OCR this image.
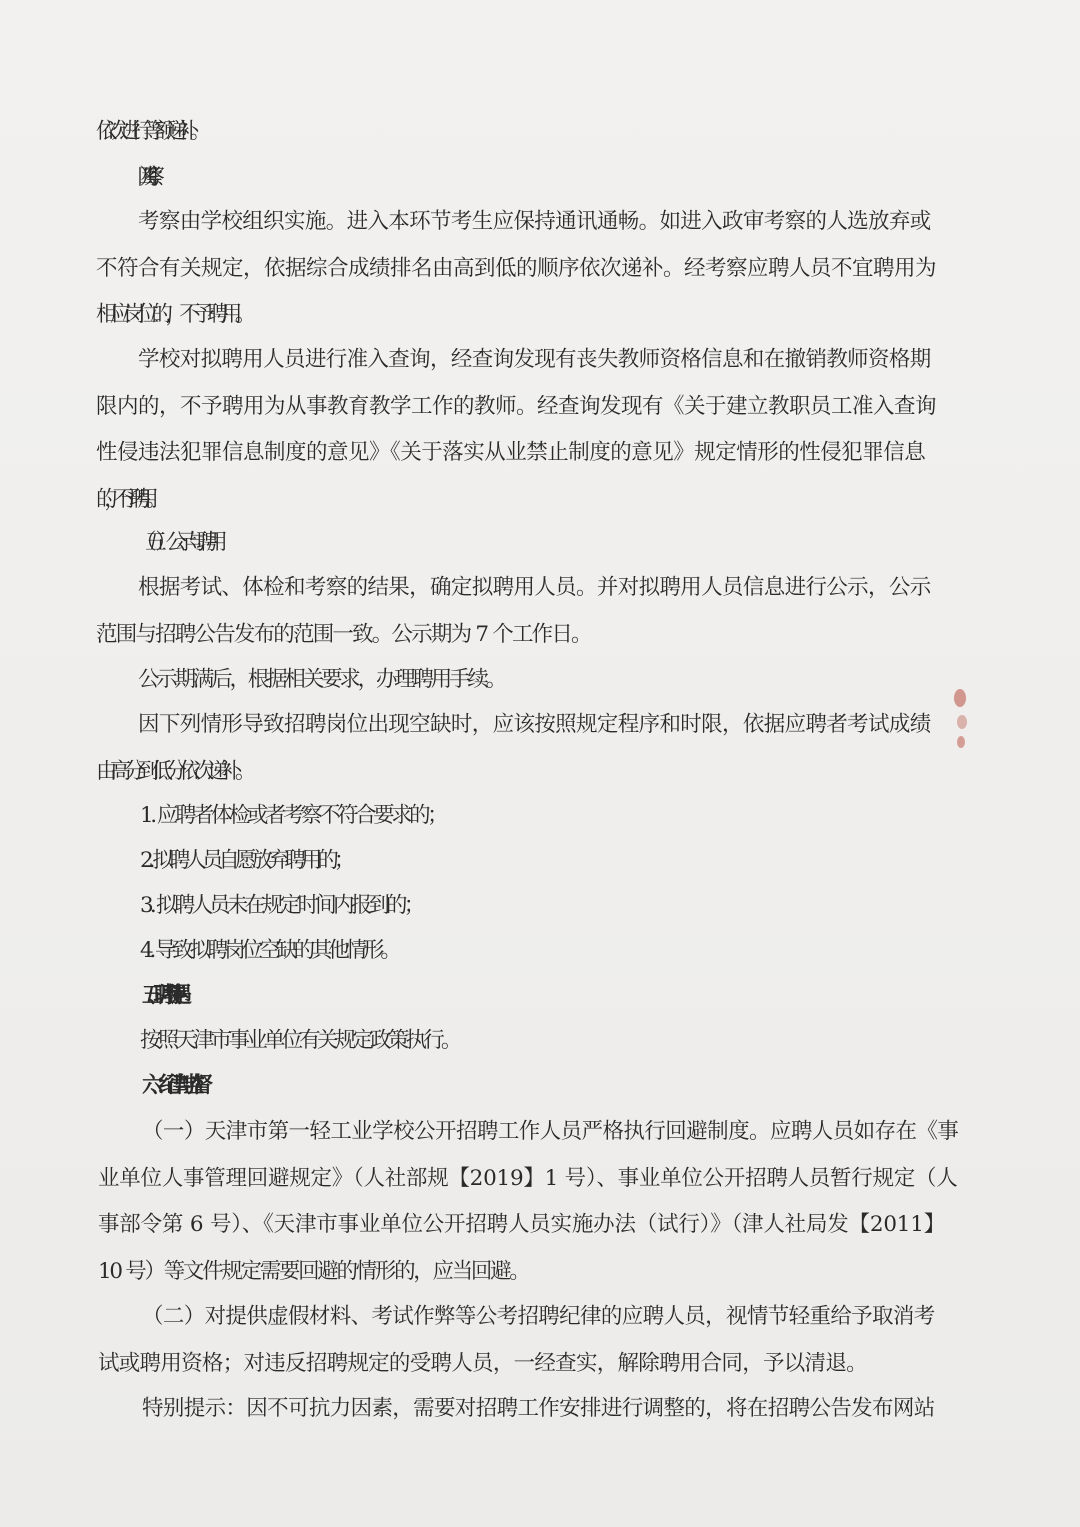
依次进行等额递补。

（四）考察

考察由学校组织实施。进入本环节考生应保持通讯通畅。如进入政审考察的人选放弃或
不符合有关规定，依据综合成绩排名由高到低的顺序依次递补。经考察应聘人员不宜聘用为
相应岗位的，不予聘用。

学校对拟聘用人员进行准入查询，经查询发现有丧失教师资格信息和在撤销教师资格期
限内的，不予聘用为从事教育教学工作的教师。经查询发现有《关于建立教职员工准入查询
性侵违法犯罪信息制度的意见》《关于落实从业禁止制度的意见》规定情形的性侵犯罪信息
的，不予聘用。

（五）公示与聘用

根据考试、体检和考察的结果，确定拟聘用人员。并对拟聘用人员信息进行公示，公示
范围与招聘公告发布的范围一致。公示期为 7 个工作日。

公示期满后，根据相关要求，办理聘用手续。

因下列情形导致招聘岗位出现空缺时，应该按照规定程序和时限，依据应聘者考试成绩
由高分到低分依次递补。

1. 应聘者体检或者考察不符合要求的；

2. 拟聘人员自愿放弃聘用的；

3. 拟聘人员未在规定时间内报到的；

4. 导致拟聘岗位空缺的其他情形。

五、聘用待遇

按照天津市事业单位有关规定政策执行。

六、纪律与监督

（一）天津市第一轻工业学校公开招聘工作人员严格执行回避制度。应聘人员如存在《事
业单位人事管理回避规定》（人社部规【2019】1 号）、事业单位公开招聘人员暂行规定（人
事部令第 6 号）、《天津市事业单位公开招聘人员实施办法（试行）》（津人社局发【2011】
10 号）等文件规定需要回避的情形的，应当回避。

（二）对提供虚假材料、考试作弊等公考招聘纪律的应聘人员，视情节轻重给予取消考
试或聘用资格；对违反招聘规定的受聘人员，一经查实，解除聘用合同，予以清退。

特别提示：因不可抗力因素，需要对招聘工作安排进行调整的，将在招聘公告发布网站
